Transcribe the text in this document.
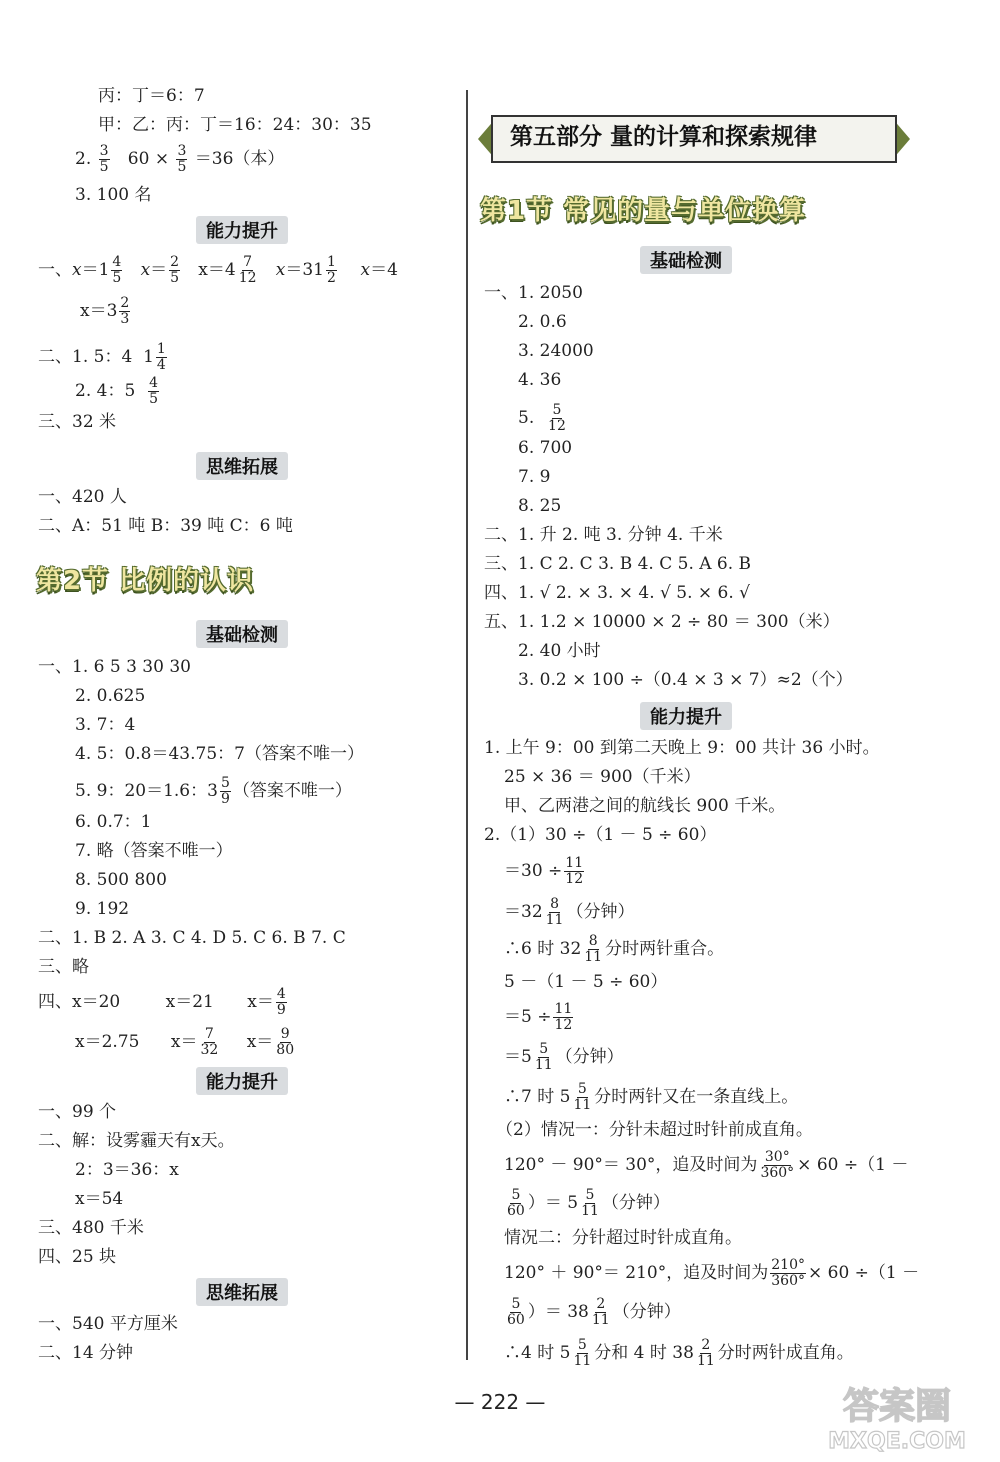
丙：丁＝6：7
甲：乙：丙：丁＝16：24：30：35
2. $\frac{3}{5} 60 \times \frac{3}{5} =36$（本）
3. 100 名
能力提升
一、$x=1 \frac{4}{5} x= \frac{2}{5} x=4 \frac{7}{12} x=31 \frac{1}{2} x=4$
$x=3 \frac{2}{3}$
二、1. 5：4  $1 \frac{1}{4}$
2. 4：$5 \frac{4}{5}$
三、32 米
思维拓展
一、420 人
二、A：51 吨 B：39 吨 C：6 吨
第2节 比例的认识
基础检测
一、1. 6 5 3 30 30
2. 0.625
3. 7：4
4. 5：0.8＝43.75：7（答案不唯一）
5. 9：20＝1.6：$3 \frac{5}{9}$ （答案不唯一）
6. 0.7：1
7. 略（答案不唯一）
8. 500 800
9. 192
二、1. B 2. A 3. C 4. D 5. C 6. B 7. C
三、略
四、x＝20	x＝21 $x= \frac{4}{9}$
x＝2.75 $x= \frac{7}{32} x= \frac{9}{80}$
能力提升
一、99 个
二、解：设雾霾天有x天。
2：3＝36：x
x＝54
三、480 千米
四、25 块
思维拓展
一、540 平方厘米
二、14 分钟
第五部分 量的计算和探索规律
第1节 常见的量与单位换算
基础检测
一、1. 2050
2. 0.6
3. 24000
4. 36
5. $\frac{5}{12}$
6. 700
7. 9
8. 25
二、1. 升 2. 吨 3. 分钟 4. 千米
三、1. C 2. C 3. B 4. C 5. A 6. B
四、1. √ 2. × 3. × 4. √ 5. × 6. √
五、1. 1.2 × 10000 × 2 ÷ 80 ＝ 300（米）
2. 40 小时
3. 0.2 × 100 ÷（0.4 × 3 × 7）≈2（个）
能力提升
1. 上午 9：00 到第二天晚上 9：00 共计 36 小时。
25 × 36 ＝ 900（千米）
甲、乙两港之间的航线长 900 千米。
2.（1）30 ÷（1 － 5 ÷ 60）
$=30 \div \frac{11}{12}$
$=32 \frac{8}{11}$ （分钟）
∴6 时 $32 \frac{8}{11}$ 分时两针重合。
5 －（1 － 5 ÷ 60）
$=5 \div \frac{11}{12}$
$=5 \frac{5}{11}$ （分钟）
∴7 时 $5 \frac{5}{11}$ 分时两针又在一条直线上。
（2）情况一：分针未超过时针前成直角。
120° － 90°＝ 30°，追及时间为 $\frac{30^\circ}{360^\circ} \times 60 \div(1$ －
$\frac{5}{60}$ ）＝ $5 \frac{5}{11}$ （分钟）
情况二：分针超过时针成直角。
120° ＋ 90°＝ 210°，追及时间为 $\frac{210^\circ}{360^\circ} \times 60 \div(1$ －
$\frac{5}{60}$ ）＝ $38 \frac{2}{11}$ （分钟）
∴4 时 $5 \frac{5}{11}$ 分和 4 时 $38 \frac{2}{11}$ 分时两针成直角。
— 222 —	答案圈
MXQE.COM
